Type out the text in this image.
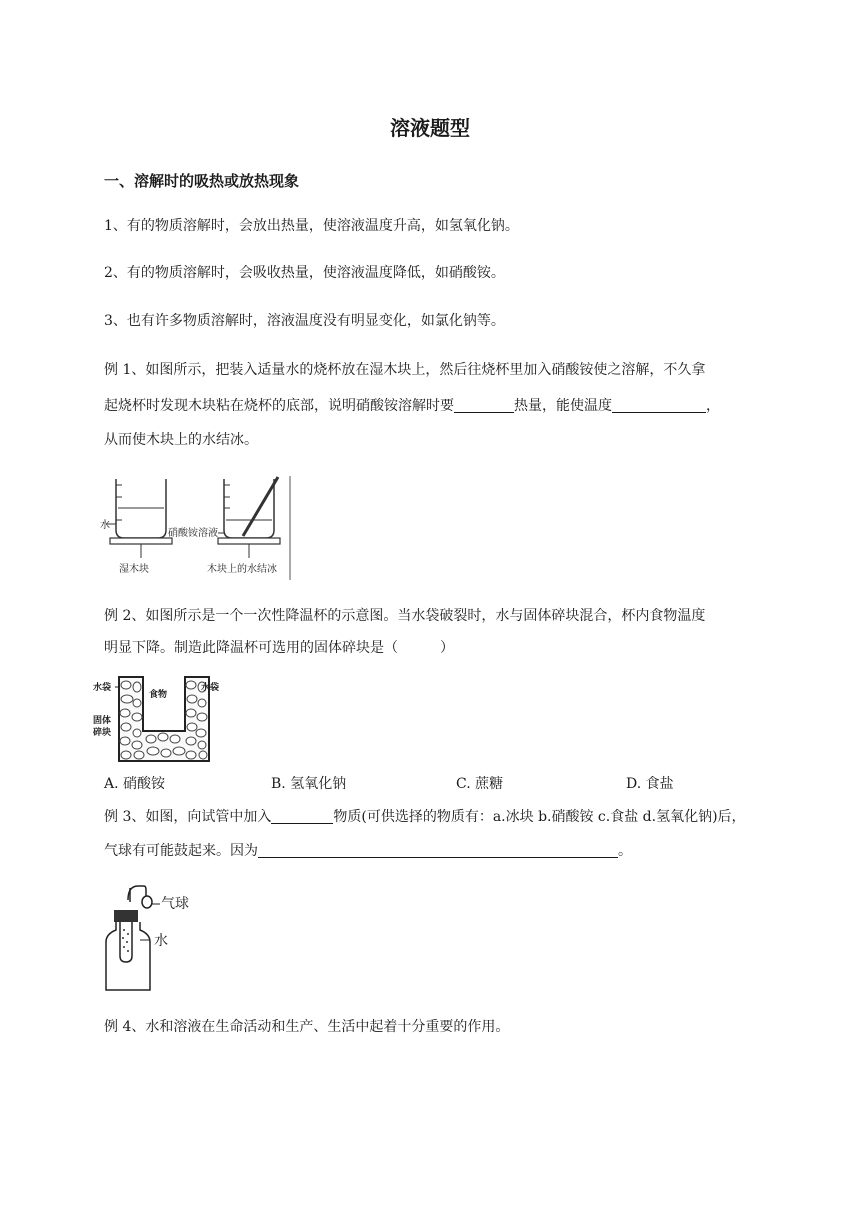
溶液题型
一、溶解时的吸热或放热现象
1、有的物质溶解时，会放出热量，使溶液温度升高，如氢氧化钠。
2、有的物质溶解时，会吸收热量，使溶液温度降低，如硝酸铵。
3、也有许多物质溶解时，溶液温度没有明显变化，如氯化钠等。
例 1、如图所示，把装入适量水的烧杯放在湿木块上，然后往烧杯里加入硝酸铵使之溶解，不久拿
起烧杯时发现木块粘在烧杯的底部，说明硝酸铵溶解时要	热量，能使温度	，
从而使木块上的水结冰。
水
湿木块
硝酸铵溶液
木块上的水结冰
例 2、如图所示是一个一次性降温杯的示意图。当水袋破裂时，水与固体碎块混合，杯内食物温度
明显下降。制造此降温杯可选用的固体碎块是（　　　）
水袋
食物
水袋
固体
碎块
A. 硝酸铵	B. 氢氧化钠	C. 蔗糖	D. 食盐
例 3、如图，向试管中加入	物质(可供选择的物质有：a.冰块 b.硝酸铵 c.食盐 d.氢氧化钠)后，
气球有可能鼓起来。因为	。
气球
水
例 4、水和溶液在生命活动和生产、生活中起着十分重要的作用。
